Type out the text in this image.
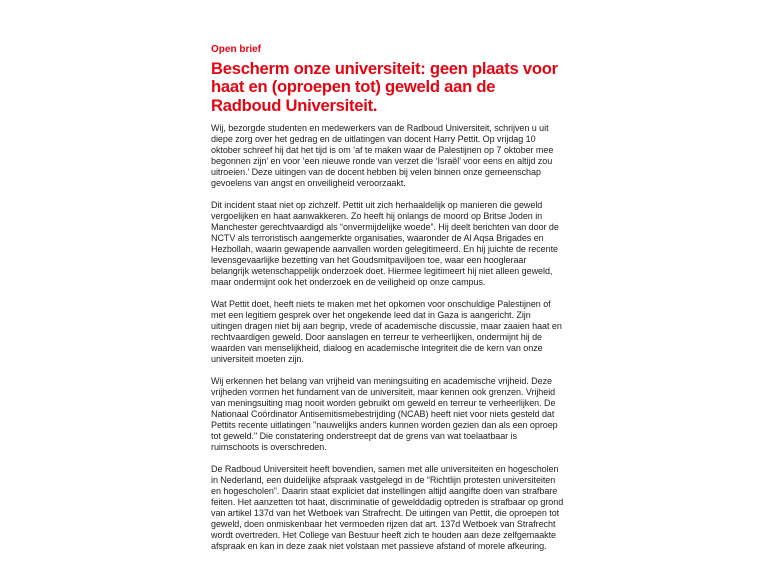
Open brief
Bescherm onze universiteit: geen plaats voor haat en (oproepen tot) geweld aan de Radboud Universiteit.

Wij, bezorgde studenten en medewerkers van de Radboud Universiteit, schrijven u uit diepe zorg over het gedrag en de uitlatingen van docent Harry Pettit. Op vrijdag 10 oktober schreef hij dat het tijd is om ‘af te maken waar de Palestijnen op 7 oktober mee begonnen zijn’ en voor ‘een nieuwe ronde van verzet die ‘Israël’ voor eens en altijd zou uitroeien.’ Deze uitingen van de docent hebben bij velen binnen onze gemeenschap gevoelens van angst en onveiligheid veroorzaakt.

Dit incident staat niet op zichzelf. Pettit uit zich herhaaldelijk op manieren die geweld vergoelijken en haat aanwakkeren. Zo heeft hij onlangs de moord op Britse Joden in Manchester gerechtvaardigd als “onvermijdelijke woede”. Hij deelt berichten van door de NCTV als terroristisch aangemerkte organisaties, waaronder de Al Aqsa Brigades en Hezbollah, waarin gewapende aanvallen worden gelegitimeerd. En hij juichte de recente levensgevaarlijke bezetting van het Goudsmitpaviljoen toe, waar een hoogleraar belangrijk wetenschappelijk onderzoek doet. Hiermee legitimeert hij niet alleen geweld, maar ondermijnt ook het onderzoek en de veiligheid op onze campus.

Wat Pettit doet, heeft niets te maken met het opkomen voor onschuldige Palestijnen of met een legitiem gesprek over het ongekende leed dat in Gaza is aangericht. Zijn uitingen dragen niet bij aan begrip, vrede of academische discussie, maar zaaien haat en rechtvaardigen geweld. Door aanslagen en terreur te verheerlijken, ondermijnt hij de waarden van menselijkheid, dialoog en academische integriteit die de kern van onze universiteit moeten zijn.

Wij erkennen het belang van vrijheid van meningsuiting en academische vrijheid. Deze vrijheden vormen het fundament van de universiteit, maar kennen ook grenzen. Vrijheid van meningsuiting mag nooit worden gebruikt om geweld en terreur te verheerlijken. De Nationaal Coördinator Antisemitismebestrijding (NCAB) heeft niet voor niets gesteld dat Pettits recente uitlatingen "nauwelijks anders kunnen worden gezien dan als een oproep tot geweld." Die constatering onderstreept dat de grens van wat toelaatbaar is ruimschoots is overschreden.

De Radboud Universiteit heeft bovendien, samen met alle universiteiten en hogescholen in Nederland, een duidelijke afspraak vastgelegd in de “Richtlijn protesten universiteiten en hogescholen”. Daarin staat expliciet dat instellingen altijd aangifte doen van strafbare feiten. Het aanzetten tot haat, discriminatie of gewelddadig optreden is strafbaar op grond van artikel 137d van het Wetboek van Strafrecht. De uitingen van Pettit, die oproepen tot geweld, doen onmiskenbaar het vermoeden rijzen dat art. 137d Wetboek van Strafrecht wordt overtreden. Het College van Bestuur heeft zich te houden aan deze zelfgemaakte afspraak en kan in deze zaak niet volstaan met passieve afstand of morele afkeuring.
